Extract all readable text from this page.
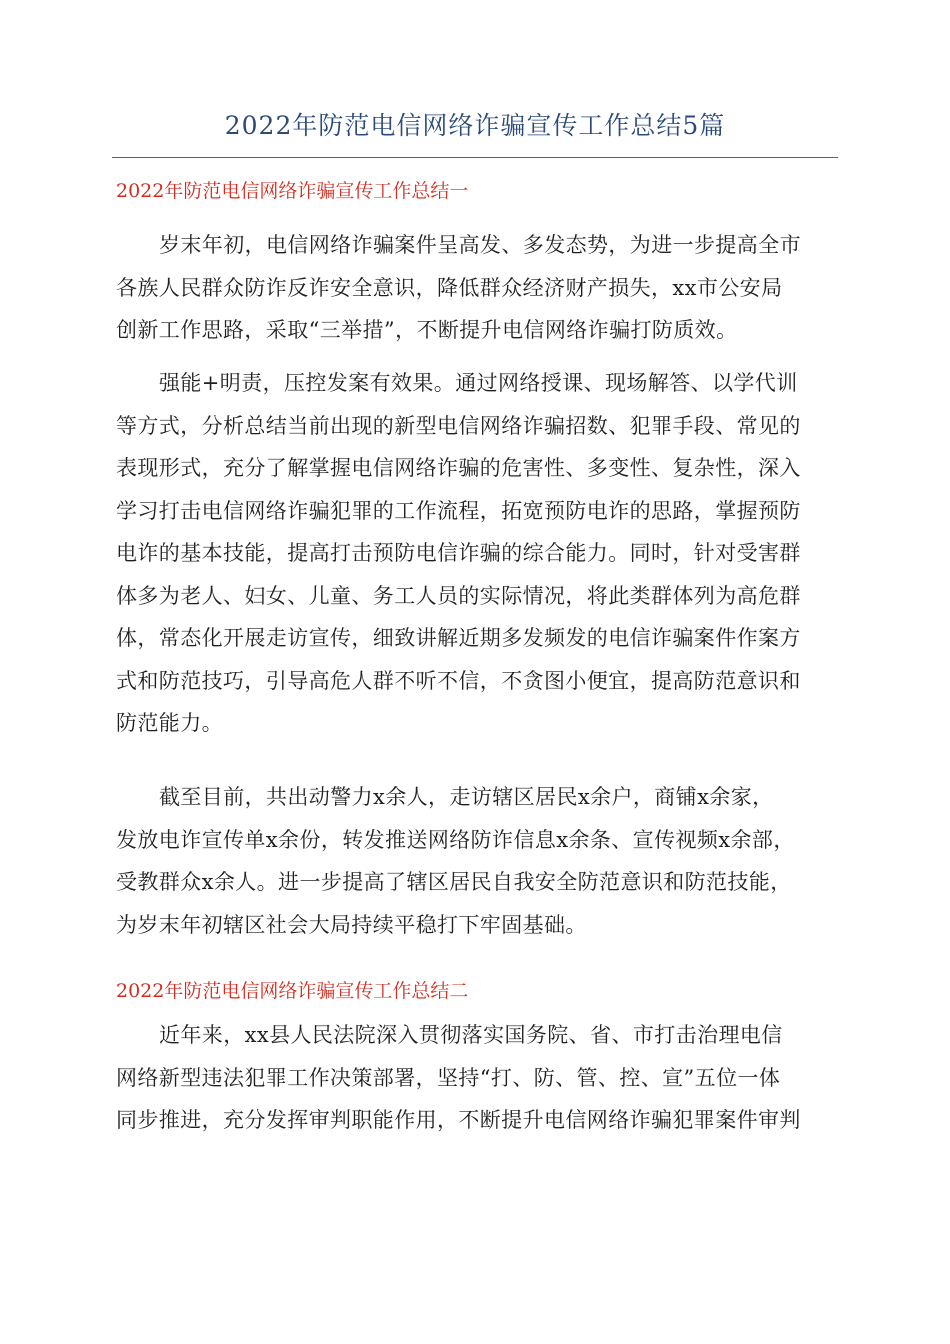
2022年防范电信网络诈骗宣传工作总结5篇
2022年防范电信网络诈骗宣传工作总结一

岁末年初，电信网络诈骗案件呈高发、多发态势，为进一步提高全市
各族人民群众防诈反诈安全意识，降低群众经济财产损失，xx市公安局
创新工作思路，采取“三举措”，不断提升电信网络诈骗打防质效。

强能+明责，压控发案有效果。通过网络授课、现场解答、以学代训
等方式，分析总结当前出现的新型电信网络诈骗招数、犯罪手段、常见的
表现形式，充分了解掌握电信网络诈骗的危害性、多变性、复杂性，深入
学习打击电信网络诈骗犯罪的工作流程，拓宽预防电诈的思路，掌握预防
电诈的基本技能，提高打击预防电信诈骗的综合能力。同时，针对受害群
体多为老人、妇女、儿童、务工人员的实际情况，将此类群体列为高危群
体，常态化开展走访宣传，细致讲解近期多发频发的电信诈骗案件作案方
式和防范技巧，引导高危人群不听不信，不贪图小便宜，提高防范意识和
防范能力。

截至目前，共出动警力x余人，走访辖区居民x余户，商铺x余家，
发放电诈宣传单x余份，转发推送网络防诈信息x余条、宣传视频x余部，
受教群众x余人。进一步提高了辖区居民自我安全防范意识和防范技能，
为岁末年初辖区社会大局持续平稳打下牢固基础。

2022年防范电信网络诈骗宣传工作总结二

近年来，xx县人民法院深入贯彻落实国务院、省、市打击治理电信
网络新型违法犯罪工作决策部署，坚持“打、防、管、控、宣”五位一体
同步推进，充分发挥审判职能作用，不断提升电信网络诈骗犯罪案件审判
